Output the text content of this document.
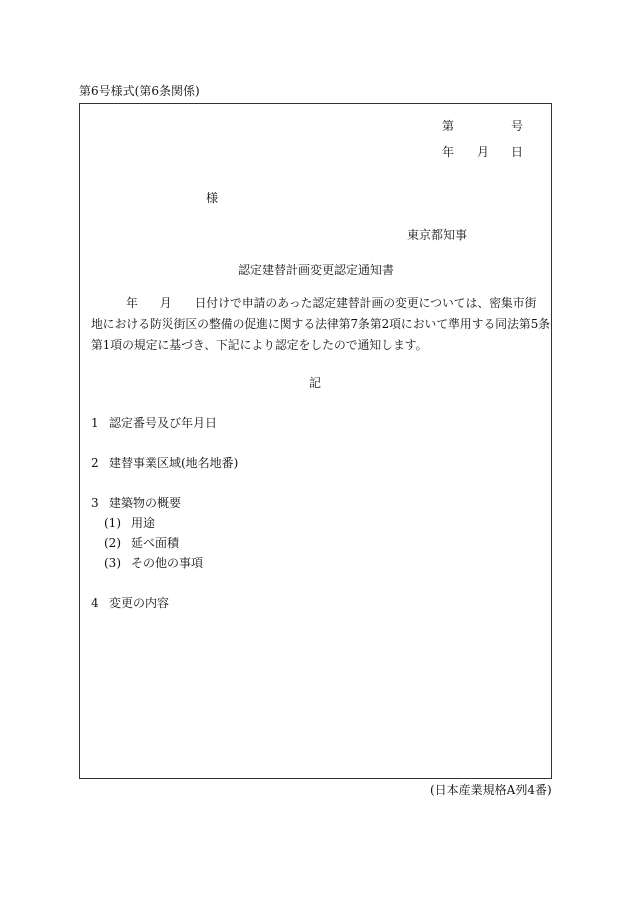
第6号様式(第6条関係)
第	号
年 月 日
様
東京都知事
認定建替計画変更認定通知書
年 月 日付けで申請のあった認定建替計画の変更については、密集市街
地における防災街区の整備の促進に関する法律第7条第2項において準用する同法第5条
第1項の規定に基づき、下記により認定をしたので通知します。
記
1 認定番号及び年月日
2 建替事業区域(地名地番)
3 建築物の概要
(1) 用途
(2) 延べ面積
(3) その他の事項
4 変更の内容
(日本産業規格A列4番)
